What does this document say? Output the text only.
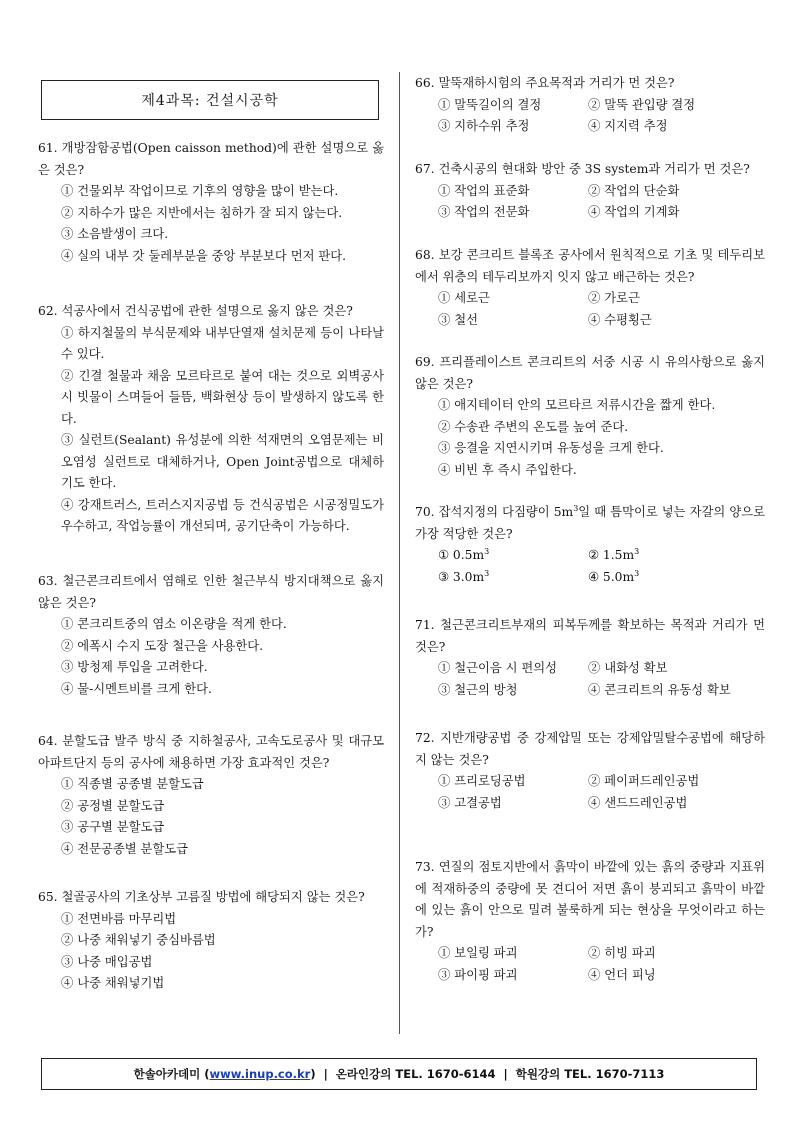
제4과목: 건설시공학
61. 개방잠함공법(Open caisson method)에 관한 설명으로 옳은 것은?
① 건물외부 작업이므로 기후의 영향을 많이 받는다.
② 지하수가 많은 지반에서는 침하가 잘 되지 않는다.
③ 소음발생이 크다.
④ 실의 내부 갓 둘레부분을 중앙 부분보다 먼저 판다.
62. 석공사에서 건식공법에 관한 설명으로 옳지 않은 것은?
① 하지철물의 부식문제와 내부단열재 설치문제 등이 나타날 수 있다.
② 긴결 철물과 채움 모르타르로 붙여 대는 것으로 외벽공사 시 빗물이 스며들어 들뜸, 백화현상 등이 발생하지 않도록 한다.
③ 실런트(Sealant) 유성분에 의한 석재면의 오염문제는 비오염성 실런트로 대체하거나, Open Joint공법으로 대체하기도 한다.
④ 강재트러스, 트러스지지공법 등 건식공법은 시공정밀도가 우수하고, 작업능률이 개선되며, 공기단축이 가능하다.
63. 철근콘크리트에서 염해로 인한 철근부식 방지대책으로 옳지 않은 것은?
① 콘크리트중의 염소 이온량을 적게 한다.
② 에폭시 수지 도장 철근을 사용한다.
③ 방청제 투입을 고려한다.
④ 물-시멘트비를 크게 한다.
64. 분할도급 발주 방식 중 지하철공사, 고속도로공사 및 대규모 아파트단지 등의 공사에 채용하면 가장 효과적인 것은?
① 직종별 공종별 분할도급
② 공정별 분할도급
③ 공구별 분할도급
④ 전문공종별 분할도급
65. 철골공사의 기초상부 고름질 방법에 해당되지 않는 것은?
① 전면바름 마무리법
② 나중 채워넣기 중심바름법
③ 나중 매입공법
④ 나중 채워넣기법
66. 말뚝재하시험의 주요목적과 거리가 먼 것은?
① 말뚝길이의 결정	② 말뚝 관입량 결정
③ 지하수위 추정	④ 지지력 추정
67. 건축시공의 현대화 방안 중 3S system과 거리가 먼 것은?
① 작업의 표준화	② 작업의 단순화
③ 작업의 전문화	④ 작업의 기계화
68. 보강 콘크리트 블록조 공사에서 원칙적으로 기초 및 테두리보에서 위층의 테두리보까지 잇지 않고 배근하는 것은?
① 세로근	② 가로근
③ 철선	④ 수평횡근
69. 프리플레이스트 콘크리트의 서중 시공 시 유의사항으로 옳지 않은 것은?
① 애지테이터 안의 모르타르 저류시간을 짧게 한다.
② 수송관 주변의 온도를 높여 준다.
③ 응결을 지연시키며 유동성을 크게 한다.
④ 비빈 후 즉시 주입한다.
70. 잡석지정의 다짐량이 $5m^3$일 때 틈막이로 넣는 자갈의 양으로 가장 적당한 것은?
① $0.5m^3$	② $1.5m^3$
③ $3.0m^3$	④ $5.0m^3$
71. 철근콘크리트부재의 피복두께를 확보하는 목적과 거리가 먼 것은?
① 철근이음 시 편의성	② 내화성 확보
③ 철근의 방청	④ 콘크리트의 유동성 확보
72. 지반개량공법 중 강제압밀 또는 강제압밀탈수공법에 해당하지 않는 것은?
① 프리로딩공법	② 페이퍼드레인공법
③ 고결공법	④ 샌드드레인공법
73. 연질의 점토지반에서 흙막이 바깥에 있는 흙의 중량과 지표위에 적재하중의 중량에 못 견디어 저면 흙이 붕괴되고 흙막이 바깥에 있는 흙이 안으로 밀려 불룩하게 되는 현상을 무엇이라고 하는가?
① 보일링 파괴	② 히빙 파괴
③ 파이핑 파괴	④ 언더 피닝
한솔아카데미 ( www.inup.co.kr )  |  온라인강의 TEL. 1670-6144  |  학원강의 TEL. 1670-7113
